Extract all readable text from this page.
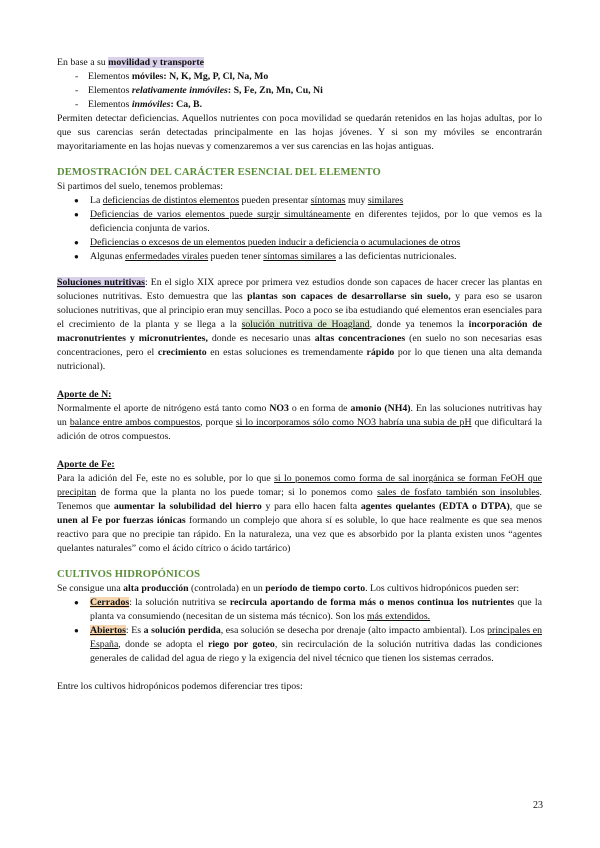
En base a su movilidad y transporte

- Elementos móviles: N, K, Mg, P, Cl, Na, Mo
- Elementos relativamente inmóviles: S, Fe, Zn, Mn, Cu, Ni
- Elementos inmóviles: Ca, B.

Permiten detectar deficiencias. Aquellos nutrientes con poca movilidad se quedarán retenidos en las hojas adultas, por lo que sus carencias serán detectadas principalmente en las hojas jóvenes. Y si son my móviles se encontrarán mayoritariamente en las hojas nuevas y comenzaremos a ver sus carencias en las hojas antiguas.

DEMOSTRACIÓN DEL CARÁCTER ESENCIAL DEL ELEMENTO

Si partimos del suelo, tenemos problemas:

● La deficiencias de distintos elementos pueden presentar síntomas muy similares
● Deficiencias de varios elementos puede surgir simultáneamente en diferentes tejidos, por lo que vemos es la deficiencia conjunta de varios.
● Deficiencias o excesos de un elementos pueden inducir a deficiencia o acumulaciones de otros
● Algunas enfermedades virales pueden tener síntomas similares a las deficientas nutricionales.

Soluciones nutritivas: En el siglo XIX aprece por primera vez estudios donde son capaces de hacer crecer las plantas en soluciones nutritivas. Esto demuestra que las plantas son capaces de desarrollarse sin suelo, y para eso se usaron soluciones nutritivas, que al principio eran muy sencillas. Poco a poco se iba estudiando qué elementos eran esenciales para el crecimiento de la planta y se llega a la solución nutritiva de Hoagland, donde ya tenemos la incorporación de macronutrientes y micronutrientes, donde es necesario unas altas concentraciones (en suelo no son necesarias esas concentraciones, pero el crecimiento en estas soluciones es tremendamente rápido por lo que tienen una alta demanda nutricional).

Aporte de N:

Normalmente el aporte de nitrógeno está tanto como NO3 o en forma de amonio (NH4). En las soluciones nutritivas hay un balance entre ambos compuestos, porque si lo incorporamos sólo como NO3 habría una subia de pH que dificultará la adición de otros compuestos.

Aporte de Fe:

Para la adición del Fe, este no es soluble, por lo que si lo ponemos como forma de sal inorgánica se forman FeOH que precipitan de forma que la planta no los puede tomar; si lo ponemos como sales de fosfato también son insolubles. Tenemos que aumentar la solubilidad del hierro y para ello hacen falta agentes quelantes (EDTA o DTPA), que se unen al Fe por fuerzas iónicas formando un complejo que ahora sí es soluble, lo que hace realmente es que sea menos reactivo para que no precipie tan rápido. En la naturaleza, una vez que es absorbido por la planta existen unos “agentes quelantes naturales” como el ácido cítrico o ácido tartárico)

CULTIVOS HIDROPÓNICOS

Se consigue una alta producción (controlada) en un período de tiempo corto. Los cultivos hidropónicos pueden ser:

● Cerrados: la solución nutritiva se recircula aportando de forma más o menos continua los nutrientes que la planta va consumiendo (necesitan de un sistema más técnico). Son los más extendidos.
● Abiertos: Es a solución perdida, esa solución se desecha por drenaje (alto impacto ambiental). Los principales en España, donde se adopta el riego por goteo, sin recirculación de la solución nutritiva dadas las condiciones generales de calidad del agua de riego y la exigencia del nivel técnico que tienen los sistemas cerrados.

Entre los cultivos hidropónicos podemos diferenciar tres tipos:

23
